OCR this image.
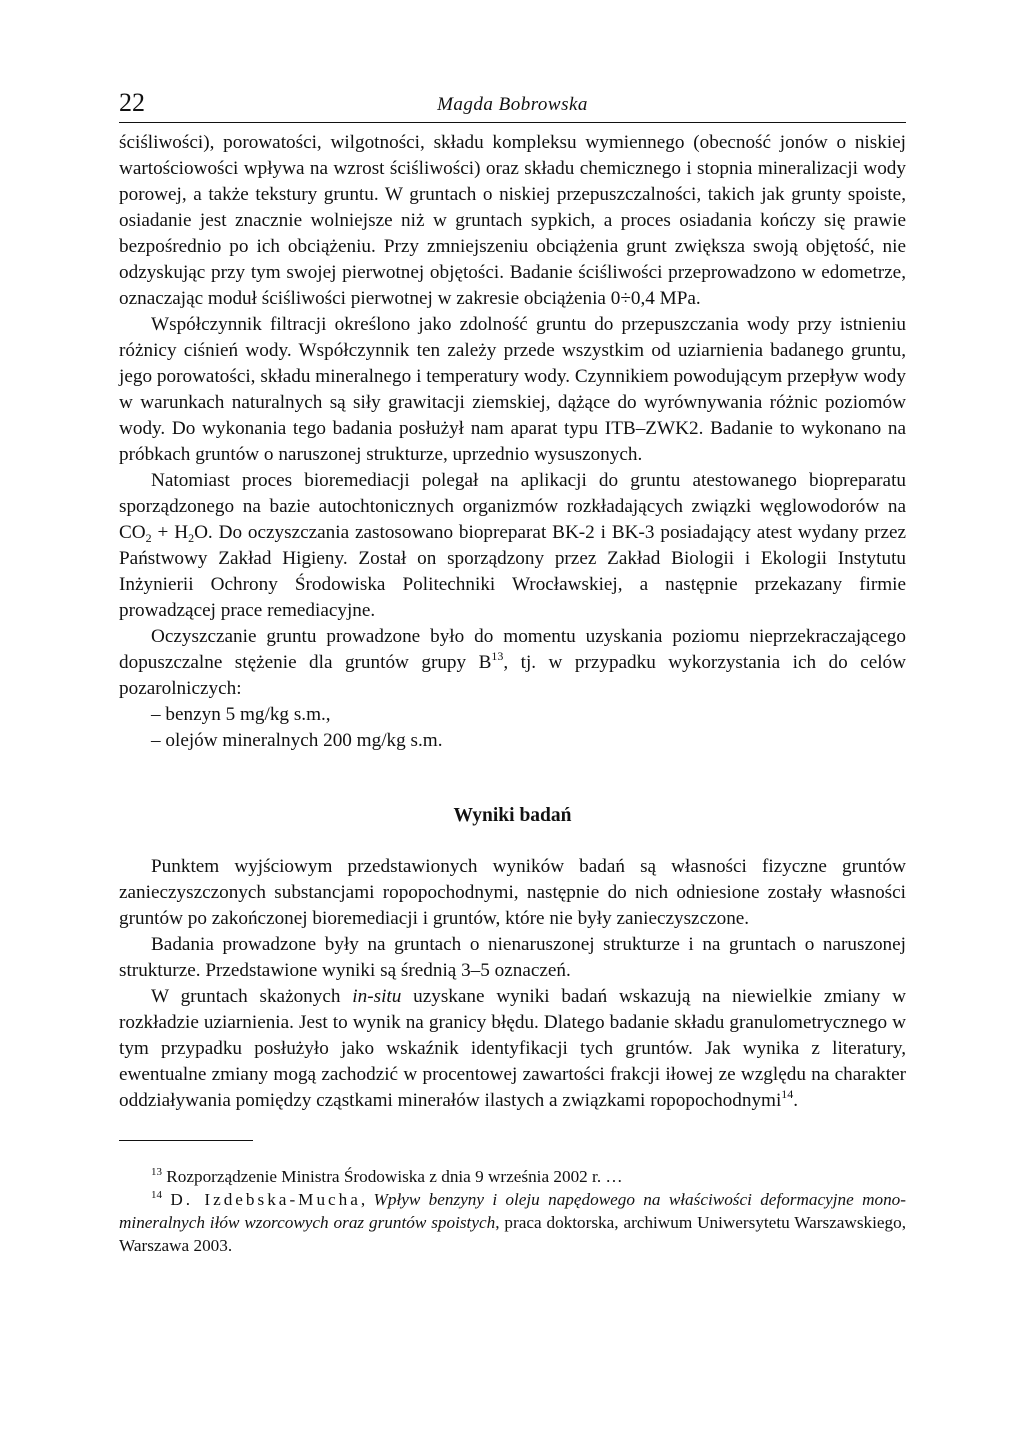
22	Magda Bobrowska

ściśliwości), porowatości, wilgotności, składu kompleksu wymiennego (obecność jonów o niskiej wartościowości wpływa na wzrost ściśliwości) oraz składu chemicznego i stopnia mineralizacji wody porowej, a także tekstury gruntu. W gruntach o niskiej przepuszczalności, takich jak grunty spoiste, osiadanie jest znacznie wolniejsze niż w gruntach sypkich, a proces osiadania kończy się prawie bezpośrednio po ich obciążeniu. Przy zmniejszeniu obciążenia grunt zwiększa swoją objętość, nie odzyskując przy tym swojej pierwotnej objętości. Badanie ściśliwości przeprowadzono w edometrze, oznaczając moduł ściśliwości pierwotnej w zakresie obciążenia 0÷0,4 MPa.

Współczynnik filtracji określono jako zdolność gruntu do przepuszczania wody przy istnieniu różnicy ciśnień wody. Współczynnik ten zależy przede wszystkim od uziarnienia badanego gruntu, jego porowatości, składu mineralnego i temperatury wody. Czynnikiem powodującym przepływ wody w warunkach naturalnych są siły grawitacji ziemskiej, dążące do wyrównywania różnic poziomów wody. Do wykonania tego badania posłużył nam aparat typu ITB–ZWK2. Badanie to wykonano na próbkach gruntów o naruszonej strukturze, uprzednio wysuszonych.

Natomiast proces bioremediacji polegał na aplikacji do gruntu atestowanego biopreparatu sporządzonego na bazie autochtonicznych organizmów rozkładających związki węglowodorów na $CO_2 + H_2O$. Do oczyszczania zastosowano biopreparat BK-2 i BK-3 posiadający atest wydany przez Państwowy Zakład Higieny. Został on sporządzony przez Zakład Biologii i Ekologii Instytutu Inżynierii Ochrony Środowiska Politechniki Wrocławskiej, a następnie przekazany firmie prowadzącej prace remediacyjne.

Oczyszczanie gruntu prowadzone było do momentu uzyskania poziomu nieprzekraczającego dopuszczalne stężenie dla gruntów grupy $B^{13}$, tj. w przypadku wykorzystania ich do celów pozarolniczych:

– benzyn 5 mg/kg s.m.,
– olejów mineralnych 200 mg/kg s.m.
Wyniki badań

Punktem wyjściowym przedstawionych wyników badań są własności fizyczne gruntów zanieczyszczonych substancjami ropopochodnymi, następnie do nich odniesione zostały własności gruntów po zakończonej bioremediacji i gruntów, które nie były zanieczyszczone.

Badania prowadzone były na gruntach o nienaruszonej strukturze i na gruntach o naruszonej strukturze. Przedstawione wyniki są średnią 3–5 oznaczeń.

W gruntach skażonych in-situ uzyskane wyniki badań wskazują na niewielkie zmiany w rozkładzie uziarnienia. Jest to wynik na granicy błędu. Dlatego badanie składu granulometrycznego w tym przypadku posłużyło jako wskaźnik identyfikacji tych gruntów. Jak wynika z literatury, ewentualne zmiany mogą zachodzić w procentowej zawartości frakcji iłowej ze względu na charakter oddziaływania pomiędzy cząstkami minerałów ilastych a związkami ropopochodnymi$^{14}$.

$^{13}$ Rozporządzenie Ministra Środowiska z dnia 9 września 2002 r. …

$^{14}$ D. Izdebska-Mucha, Wpływ benzyny i oleju napędowego na właściwości deformacyjne monomineralnych iłów wzorcowych oraz gruntów spoistych, praca doktorska, archiwum Uniwersytetu Warszawskiego, Warszawa 2003.
